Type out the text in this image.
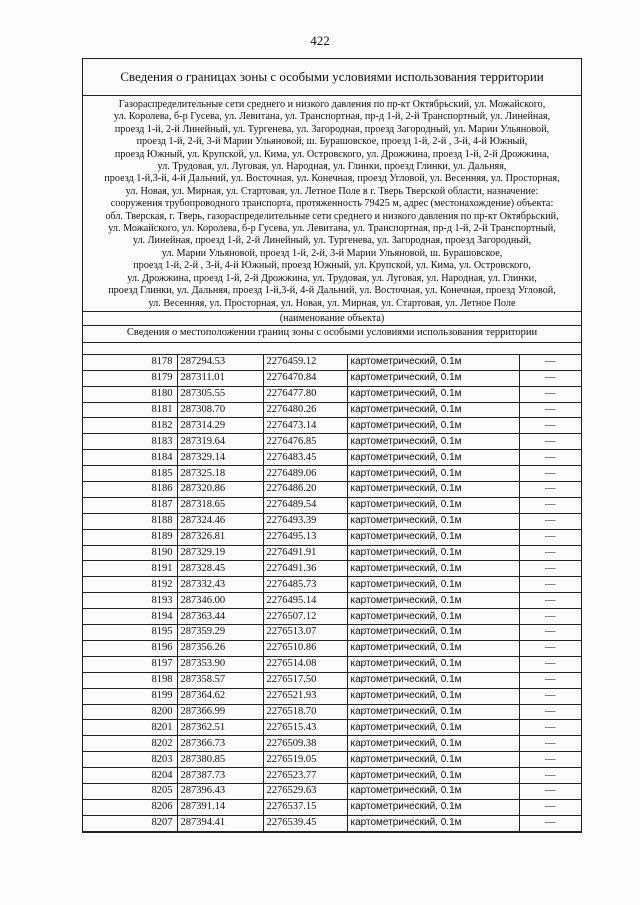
422
Сведения о границах зоны с особыми условиями использования территории
Газораспределительные сети среднего и низкого давления по пр-кт Октябрьский, ул. Можайского,
ул. Королева, б-р Гусева, ул. Левитана, ул. Транспортная, пр-д 1-й, 2-й Транспортный, ул. Линейная,
проезд 1-й, 2-й Линейный, ул. Тургенева, ул. Загородная, проезд Загородный, ул. Марии Ульяновой,
проезд 1-й, 2-й, 3-й Марии Ульяновой, ш. Бурашовское, проезд 1-й, 2-й , 3-й, 4-й Южный,
проезд Южный, ул. Крупской, ул. Кима, ул. Островского, ул. Дрожжина, проезд 1-й, 2-й Дрожжина,
ул. Трудовая, ул. Луговая, ул. Народная, ул. Глинки, проезд Глинки, ул. Дальняя,
проезд 1-й,3-й, 4-й Дальний, ул. Восточная, ул. Конечная, проезд Угловой, ул. Весенняя, ул. Просторная,
ул. Новая, ул. Мирная, ул. Стартовая, ул. Летное Поле в г. Тверь Тверской области, назначение:
сооружения трубопроводного транспорта, протяженность 79425 м, адрес (местонахождение) объекта:
обл. Тверская, г. Тверь, газораспределительные сети среднего и низкого давления по пр-кт Октябрьский,
ул. Можайского, ул. Королева, б-р Гусева, ул. Левитана, ул. Транспортная, пр-д 1-й, 2-й Транспортный,
ул. Линейная, проезд 1-й, 2-й Линейный, ул. Тургенева, ул. Загородная, проезд Загородный,
ул. Марии Ульяновой, проезд 1-й, 2-й, 3-й Марии Ульяновой, ш. Бурашовское,
проезд 1-й, 2-й , 3-й, 4-й Южный, проезд Южный, ул. Крупской, ул. Кима, ул. Островского,
ул. Дрожжина, проезд 1-й, 2-й Дрожжина, ул. Трудовая, ул. Луговая, ул. Народная, ул. Глинки,
проезд Глинки, ул. Дальняя, проезд 1-й,3-й, 4-й Дальний, ул. Восточная, ул. Конечная, проезд Угловой,
ул. Весенняя, ул. Просторная, ул. Новая, ул. Мирная, ул. Стартовая, ул. Летное Поле
(наименование объекта)
Сведения о местоположении границ зоны с особыми условиями использования территории
8178	287294.53	2276459.12	картометрический, 0.1м	—
8179	287311.01	2276470.84	картометрический, 0.1м	—
8180	287305.55	2276477.80	картометрический, 0.1м	—
8181	287308.70	2276480.26	картометрический, 0.1м	—
8182	287314.29	2276473.14	картометрический, 0.1м	—
8183	287319.64	2276476.85	картометрический, 0.1м	—
8184	287329.14	2276483.45	картометрический, 0.1м	—
8185	287325.18	2276489.06	картометрический, 0.1м	—
8186	287320.86	2276486.20	картометрический, 0.1м	—
8187	287318.65	2276489.54	картометрический, 0.1м	—
8188	287324.46	2276493.39	картометрический, 0.1м	—
8189	287326.81	2276495.13	картометрический, 0.1м	—
8190	287329.19	2276491.91	картометрический, 0.1м	—
8191	287328.45	2276491.36	картометрический, 0.1м	—
8192	287332.43	2276485.73	картометрический, 0.1м	—
8193	287346.00	2276495.14	картометрический, 0.1м	—
8194	287363.44	2276507.12	картометрический, 0.1м	—
8195	287359.29	2276513.07	картометрический, 0.1м	—
8196	287356.26	2276510.86	картометрический, 0.1м	—
8197	287353.90	2276514.08	картометрический, 0.1м	—
8198	287358.57	2276517.50	картометрический, 0.1м	—
8199	287364.62	2276521.93	картометрический, 0.1м	—
8200	287366.99	2276518.70	картометрический, 0.1м	—
8201	287362.51	2276515.43	картометрический, 0.1м	—
8202	287366.73	2276509.38	картометрический, 0.1м	—
8203	287380.85	2276519.05	картометрический, 0.1м	—
8204	287387.73	2276523.77	картометрический, 0.1м	—
8205	287396.43	2276529.63	картометрический, 0.1м	—
8206	287391.14	2276537.15	картометрический, 0.1м	—
8207	287394.41	2276539.45	картометрический, 0.1м	—
